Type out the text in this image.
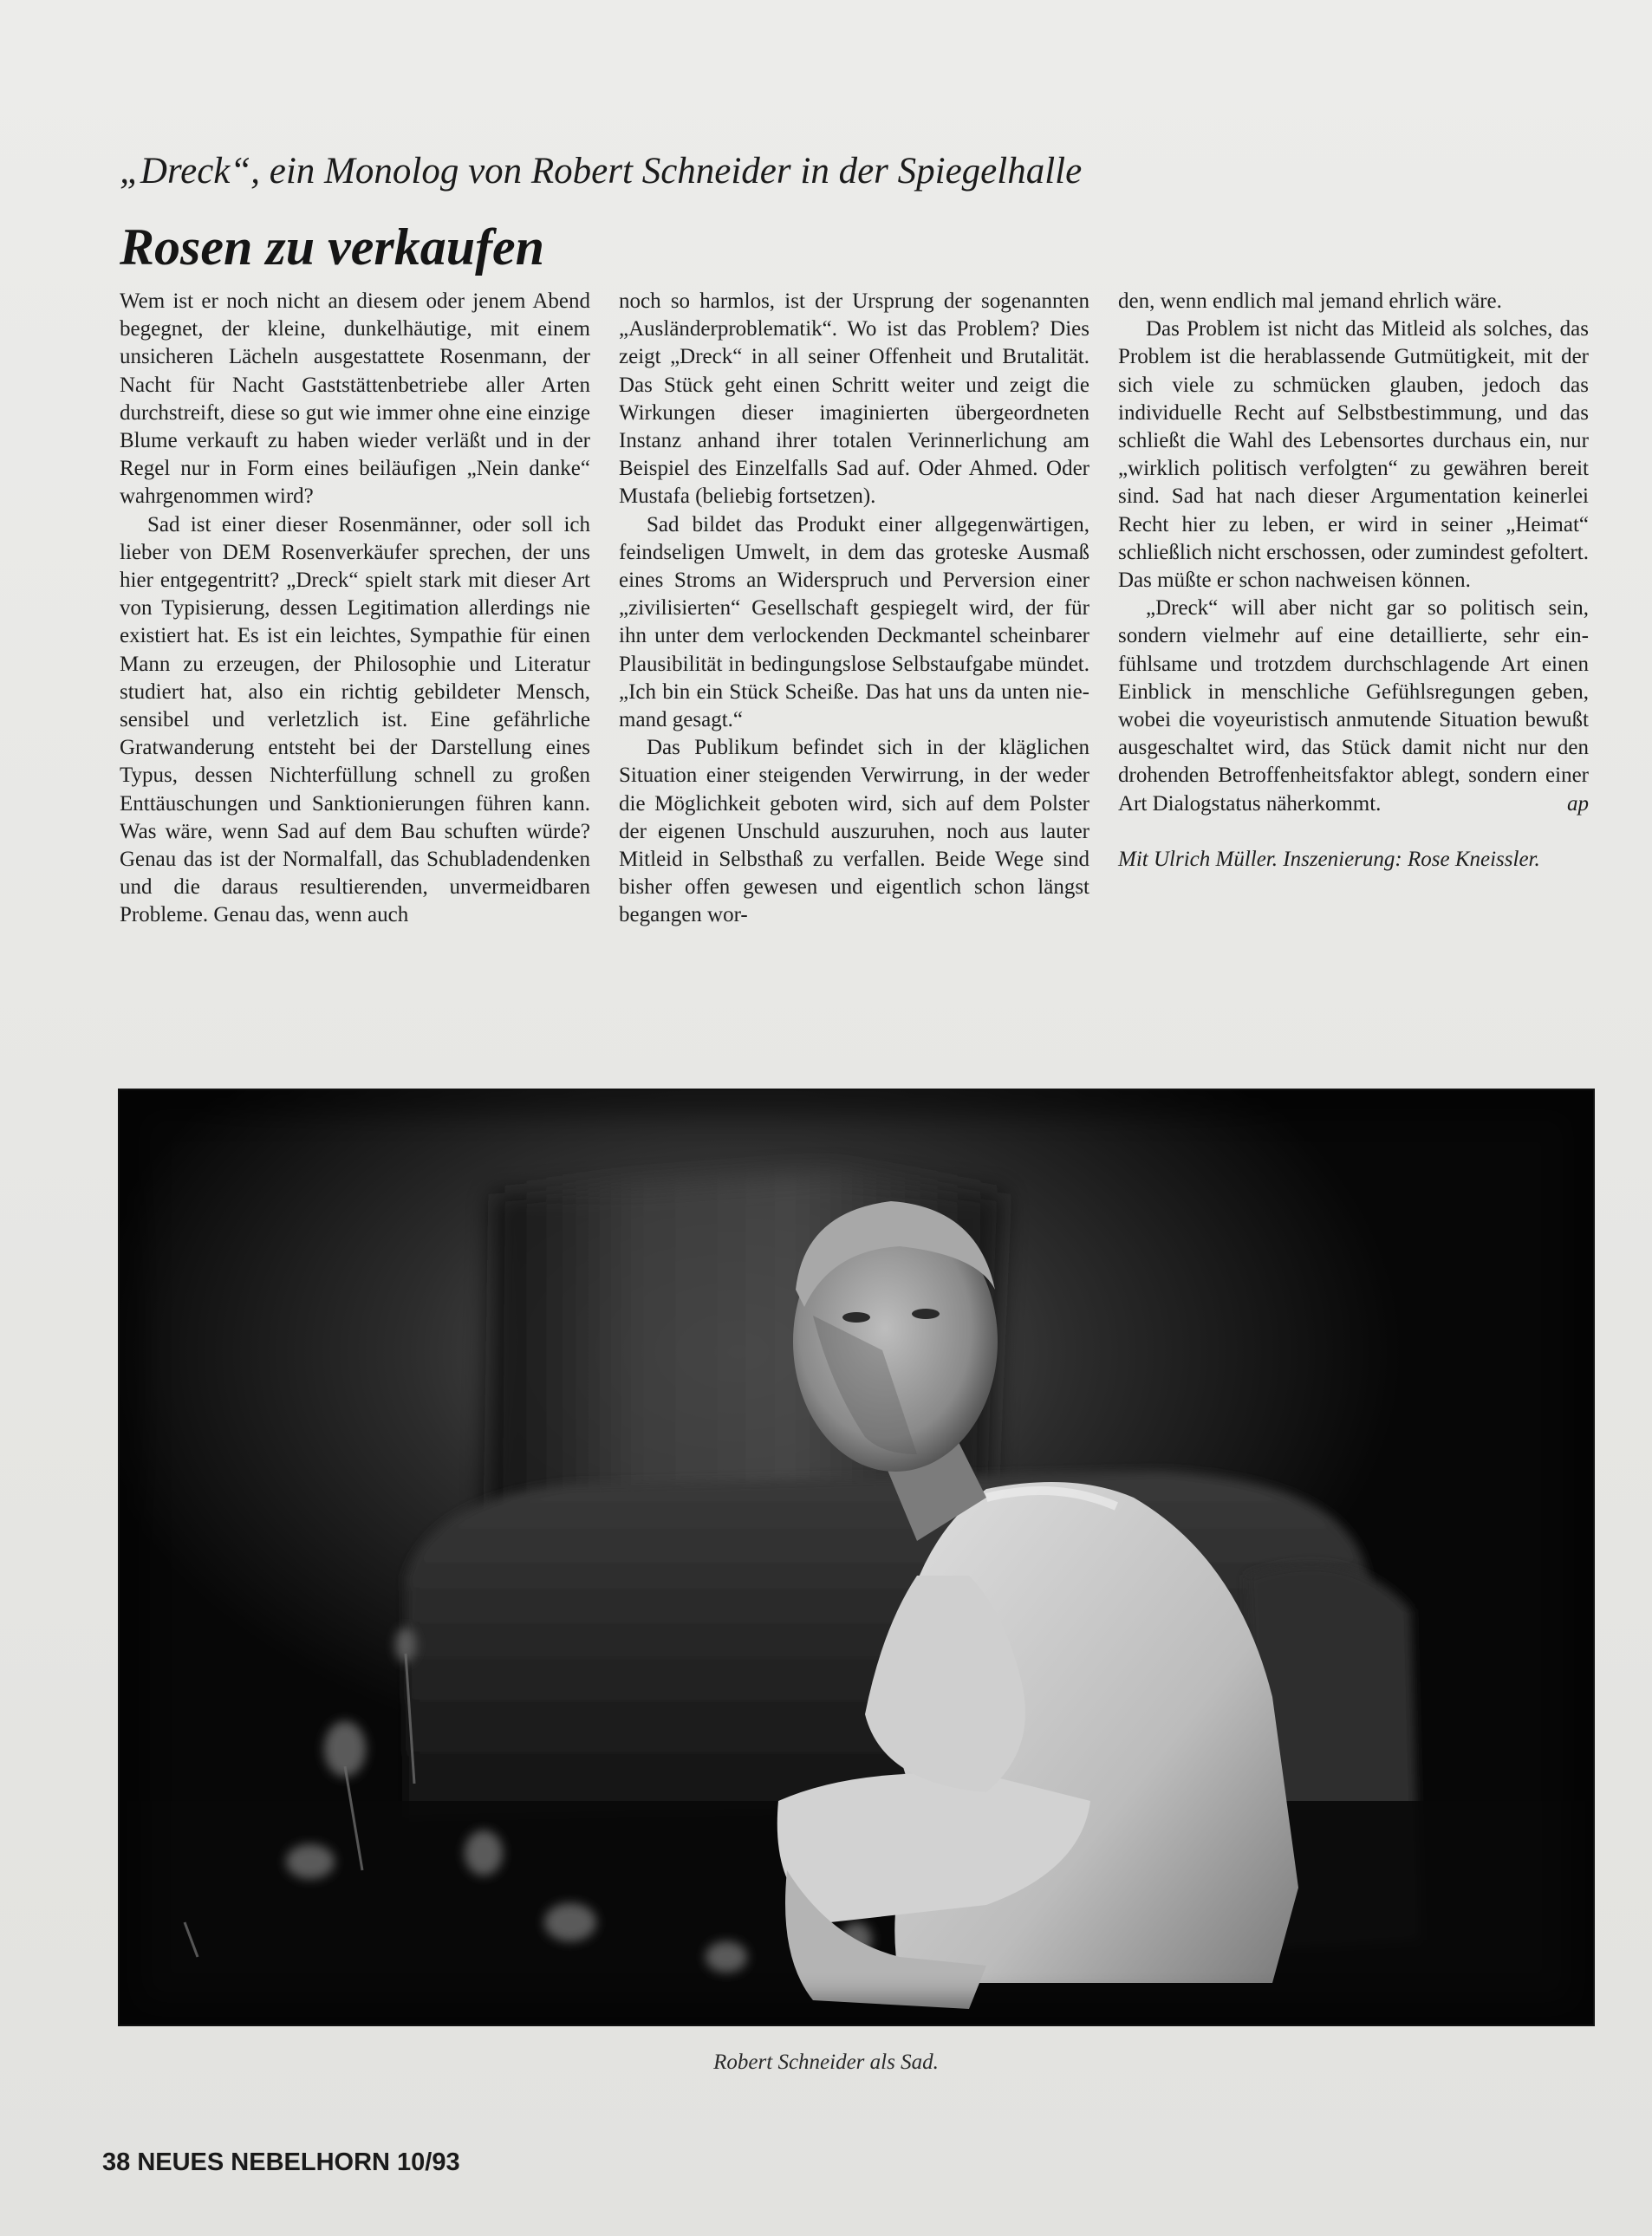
„Dreck“, ein Monolog von Robert Schneider in der Spiegelhalle
Rosen zu verkaufen

Wem ist er noch nicht an diesem oder jenem Abend begegnet, der kleine, dunkelhäutige, mit einem unsicheren Lächeln ausgestattete Rosenmann, der Nacht für Nacht Gaststättenbetriebe aller Arten durchstreift, diese so gut wie immer ohne eine einzige Blume verkauft zu haben wieder verläßt und in der Regel nur in Form eines beiläufigen „Nein danke“ wahrgenommen wird?

Sad ist einer dieser Rosenmänner, oder soll ich lieber von DEM Rosenverkäufer sprechen, der uns hier entgegentritt? „Dreck“ spielt stark mit dieser Art von Typisierung, dessen Legitimation allerdings nie existiert hat. Es ist ein leichtes, Sympathie für einen Mann zu erzeugen, der Philosophie und Literatur studiert hat, also ein richtig gebildeter Mensch, sensibel und verletzlich ist. Eine gefährliche Gratwanderung entsteht bei der Darstellung eines Typus, dessen Nichterfüllung schnell zu großen Enttäuschungen und Sanktionierungen führen kann. Was wäre, wenn Sad auf dem Bau schuften würde? Genau das ist der Normalfall, das Schubladendenken und die daraus resultierenden, unvermeidbaren Probleme. Genau das, wenn auch

noch so harmlos, ist der Ursprung der sogenannten „Ausländerproblematik“. Wo ist das Problem? Dies zeigt „Dreck“ in all seiner Offenheit und Brutalität. Das Stück geht einen Schritt weiter und zeigt die Wirkungen dieser imaginierten übergeordneten Instanz anhand ihrer totalen Verinnerlichung am Beispiel des Einzelfalls Sad auf. Oder Ahmed. Oder Mustafa (beliebig fortsetzen).

Sad bildet das Produkt einer allgegenwärtigen, feindseligen Umwelt, in dem das groteske Ausmaß eines Stroms an Widerspruch und Perversion einer „zivilisierten“ Gesellschaft gespiegelt wird, der für ihn unter dem verlockenden Deckmantel scheinbarer Plausibilität in bedingungslose Selbstaufgabe mündet. „Ich bin ein Stück Scheiße. Das hat uns da unten niemand gesagt.“

Das Publikum befindet sich in der kläglichen Situation einer steigenden Verwirrung, in der weder die Möglichkeit geboten wird, sich auf dem Polster der eigenen Unschuld auszuruhen, noch aus lauter Mitleid in Selbsthaß zu verfallen. Beide Wege sind bisher offen gewesen und eigentlich schon längst begangen wor-

den, wenn endlich mal jemand ehrlich wäre.

Das Problem ist nicht das Mitleid als solches, das Problem ist die herablassende Gutmütigkeit, mit der sich viele zu schmücken glauben, jedoch das individuelle Recht auf Selbstbestimmung, und das schließt die Wahl des Lebensortes durchaus ein, nur „wirklich politisch verfolgten“ zu gewähren bereit sind. Sad hat nach dieser Argumentation keinerlei Recht hier zu leben, er wird in seiner „Heimat“ schließlich nicht erschossen, oder zumindest gefoltert. Das müßte er schon nachweisen können.

„Dreck“ will aber nicht gar so politisch sein, sondern vielmehr auf eine detaillierte, sehr einfühlsame und trotzdem durchschlagende Art einen Einblick in menschliche Gefühlsregungen geben, wobei die voyeuristisch anmutende Situation bewußt ausgeschaltet wird, das Stück damit nicht nur den drohenden Betroffenheitsfaktor ablegt, sondern einer Art Dialogstatus näherkommt.	ap

Mit Ulrich Müller. Inszenierung: Rose Kneissler.

Robert Schneider als Sad.
38 NEUES NEBELHORN 10/93
